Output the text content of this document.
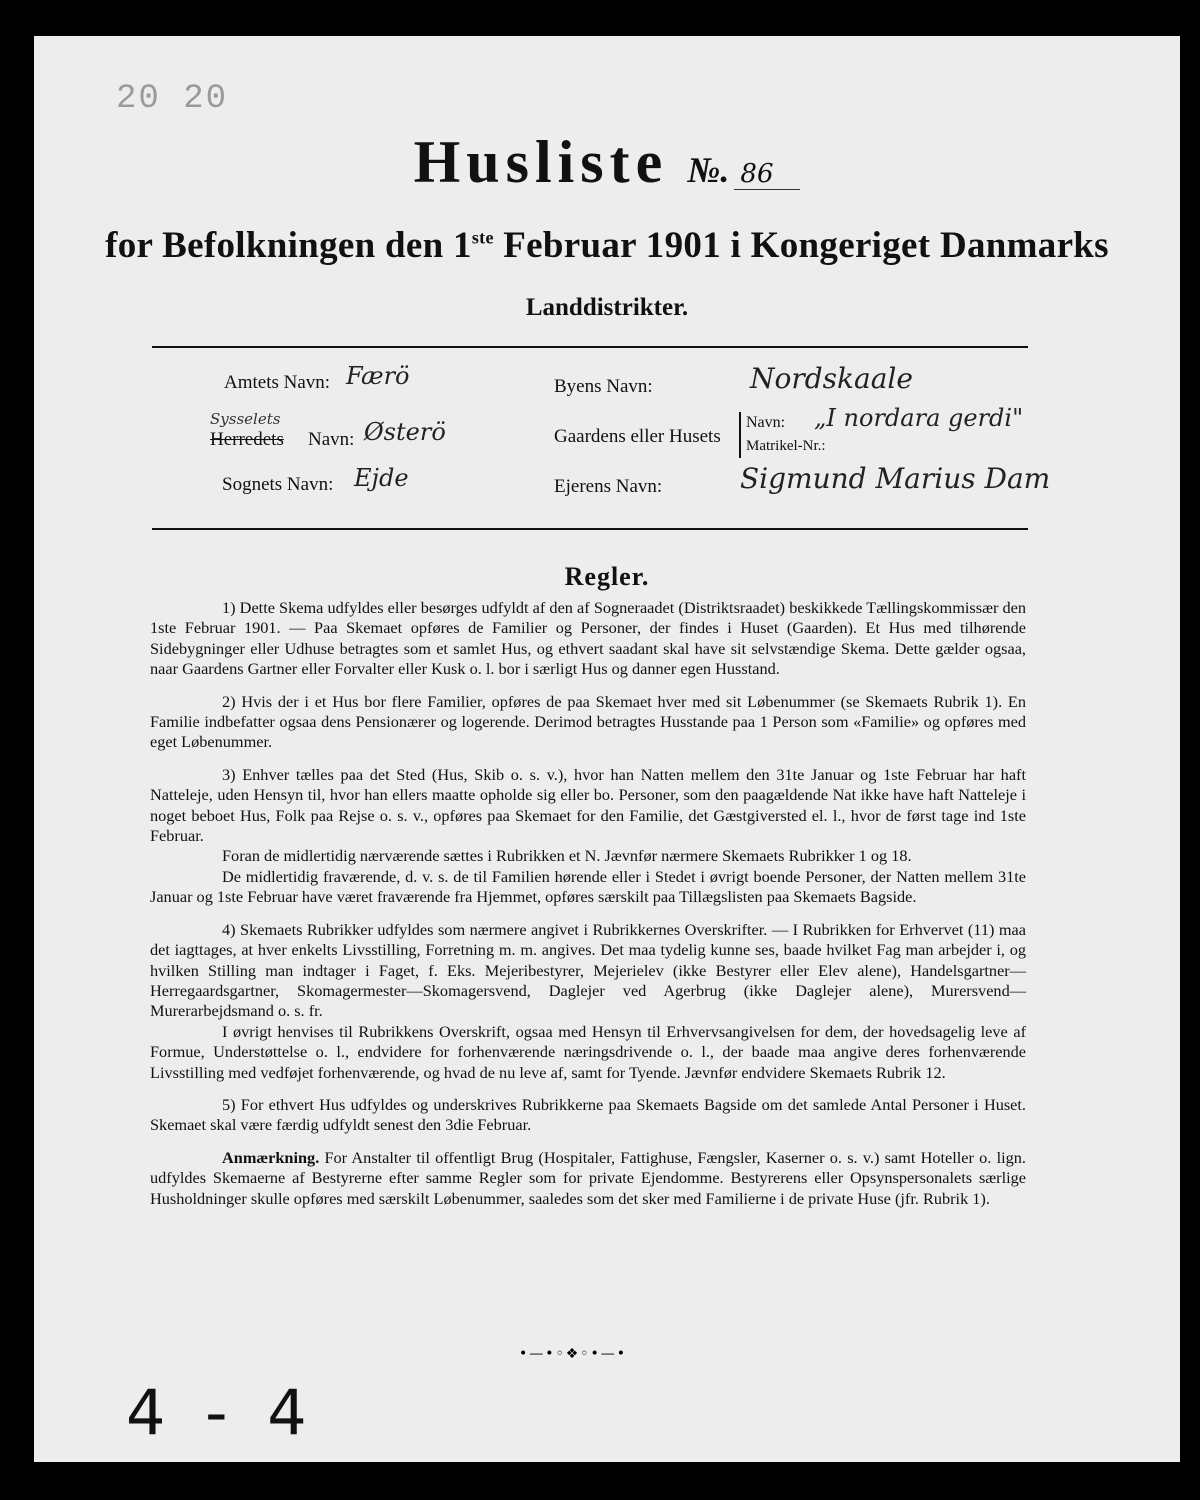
20 20
Husliste №. 86
for Befolkningen den 1ste Februar 1901 i Kongeriget Danmarks
Landdistrikter.
Amtets Navn: Færö
Sysselets
Herredets Navn: Østerö
Sognets Navn: Ejde
Byens Navn:	Nordskaale
Gaardens eller Husets
Navn: „I nordara gerdi"
Matrikel-Nr.:
Ejerens Navn:	Sigmund Marius Dam
Regler.

1) Dette Skema udfyldes eller besørges udfyldt af den af Sogneraadet (Distriktsraadet) beskikkede Tællingskommissær den 1ste Februar 1901. — Paa Skemaet opføres de Familier og Personer, der findes i Huset (Gaarden). Et Hus med tilhørende Sidebygninger eller Udhuse betragtes som et samlet Hus, og ethvert saadant skal have sit selvstændige Skema. Dette gælder ogsaa, naar Gaardens Gartner eller Forvalter eller Kusk o. l. bor i særligt Hus og danner egen Husstand.

2) Hvis der i et Hus bor flere Familier, opføres de paa Skemaet hver med sit Løbenummer (se Skemaets Rubrik 1). En Familie indbefatter ogsaa dens Pensionærer og logerende. Derimod betragtes Husstande paa 1 Person som «Familie» og opføres med eget Løbenummer.

3) Enhver tælles paa det Sted (Hus, Skib o. s. v.), hvor han Natten mellem den 31te Januar og 1ste Februar har haft Natteleje, uden Hensyn til, hvor han ellers maatte opholde sig eller bo. Personer, som den paagældende Nat ikke have haft Natteleje i noget beboet Hus, Folk paa Rejse o. s. v., opføres paa Skemaet for den Familie, det Gæstgiversted el. l., hvor de først tage ind 1ste Februar.

Foran de midlertidig nærværende sættes i Rubrikken et N. Jævnfør nærmere Skemaets Rubrikker 1 og 18.

De midlertidig fraværende, d. v. s. de til Familien hørende eller i Stedet i øvrigt boende Personer, der Natten mellem 31te Januar og 1ste Februar have været fraværende fra Hjemmet, opføres særskilt paa Tillægslisten paa Skemaets Bagside.

4) Skemaets Rubrikker udfyldes som nærmere angivet i Rubrikkernes Overskrifter. — I Rubrikken for Erhvervet (11) maa det iagttages, at hver enkelts Livsstilling, Forretning m. m. angives. Det maa tydelig kunne ses, baade hvilket Fag man arbejder i, og hvilken Stilling man indtager i Faget, f. Eks. Mejeribestyrer, Mejerielev (ikke Bestyrer eller Elev alene), Handelsgartner—Herregaardsgartner, Skomagermester—Skomagersvend, Daglejer ved Agerbrug (ikke Daglejer alene), Murersvend—Murerarbejdsmand o. s. fr.

I øvrigt henvises til Rubrikkens Overskrift, ogsaa med Hensyn til Erhvervsangivelsen for dem, der hovedsagelig leve af Formue, Understøttelse o. l., endvidere for forhenværende næringsdrivende o. l., der baade maa angive deres forhenværende Livsstilling med vedføjet forhenværende, og hvad de nu leve af, samt for Tyende. Jævnfør endvidere Skemaets Rubrik 12.

5) For ethvert Hus udfyldes og underskrives Rubrikkerne paa Skemaets Bagside om det samlede Antal Personer i Huset. Skemaet skal være færdig udfyldt senest den 3die Februar.

Anmærkning. For Anstalter til offentligt Brug (Hospitaler, Fattighuse, Fængsler, Kaserner o. s. v.) samt Hoteller o. lign. udfyldes Skemaerne af Bestyrerne efter samme Regler som for private Ejendomme. Bestyrerens eller Opsynspersonalets særlige Husholdninger skulle opføres med særskilt Løbenummer, saaledes som det sker med Familierne i de private Huse (jfr. Rubrik 1).

4 - 4
•—•◦❖◦•—•
